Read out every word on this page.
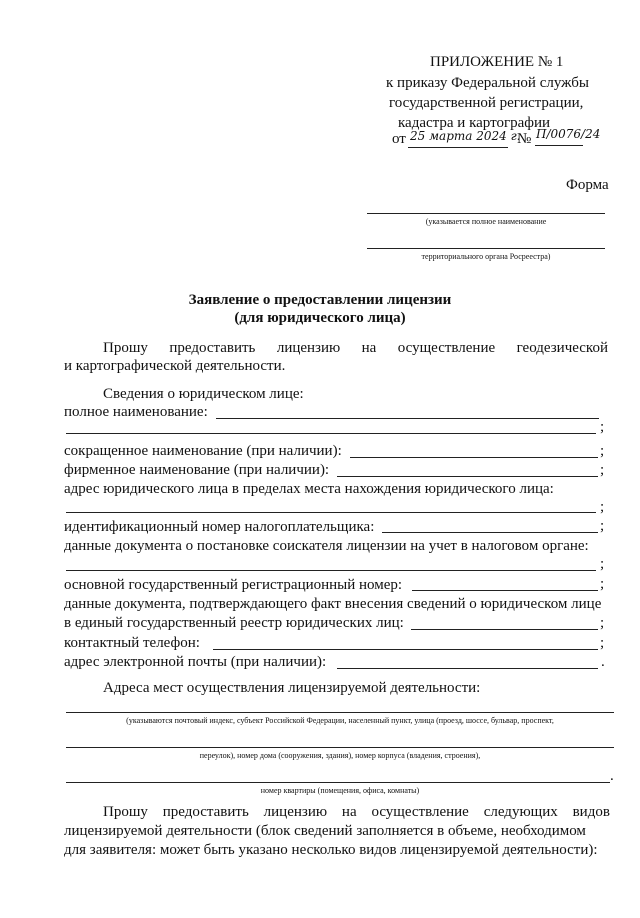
ПРИЛОЖЕНИЕ № 1
к приказу Федеральной службы
государственной регистрации,
кадастра и картографии
от 25 марта 2024 г.
№ П/0076/24
Форма
(указывается полное наименование
территориального органа Росреестра)
Заявление о предоставлении лицензии
(для юридического лица)
Прошу предоставить лицензию на осуществление геодезической
и картографической деятельности.
Сведения о юридическом лице:
полное наименование:
;
сокращенное наименование (при наличии):	;
фирменное наименование (при наличии):	;
адрес юридического лица в пределах места нахождения юридического лица:
;
идентификационный номер налогоплательщика:	;
данные документа о постановке соискателя лицензии на учет в налоговом органе:
;
основной государственный регистрационный номер:	;
данные документа, подтверждающего факт внесения сведений о юридическом лице
в единый государственный реестр юридических лиц:	;
контактный телефон:	;
адрес электронной почты (при наличии):	.
Адреса мест осуществления лицензируемой деятельности:
(указываются почтовый индекс, субъект Российской Федерации, населенный пункт, улица (проезд, шоссе, бульвар, проспект,
переулок), номер дома (сооружения, здания), номер корпуса (владения, строения),
.
номер квартиры (помещения, офиса, комнаты)
Прошу предоставить лицензию на осуществление следующих видов
лицензируемой деятельности (блок сведений заполняется в объеме, необходимом
для заявителя: может быть указано несколько видов лицензируемой деятельности):
